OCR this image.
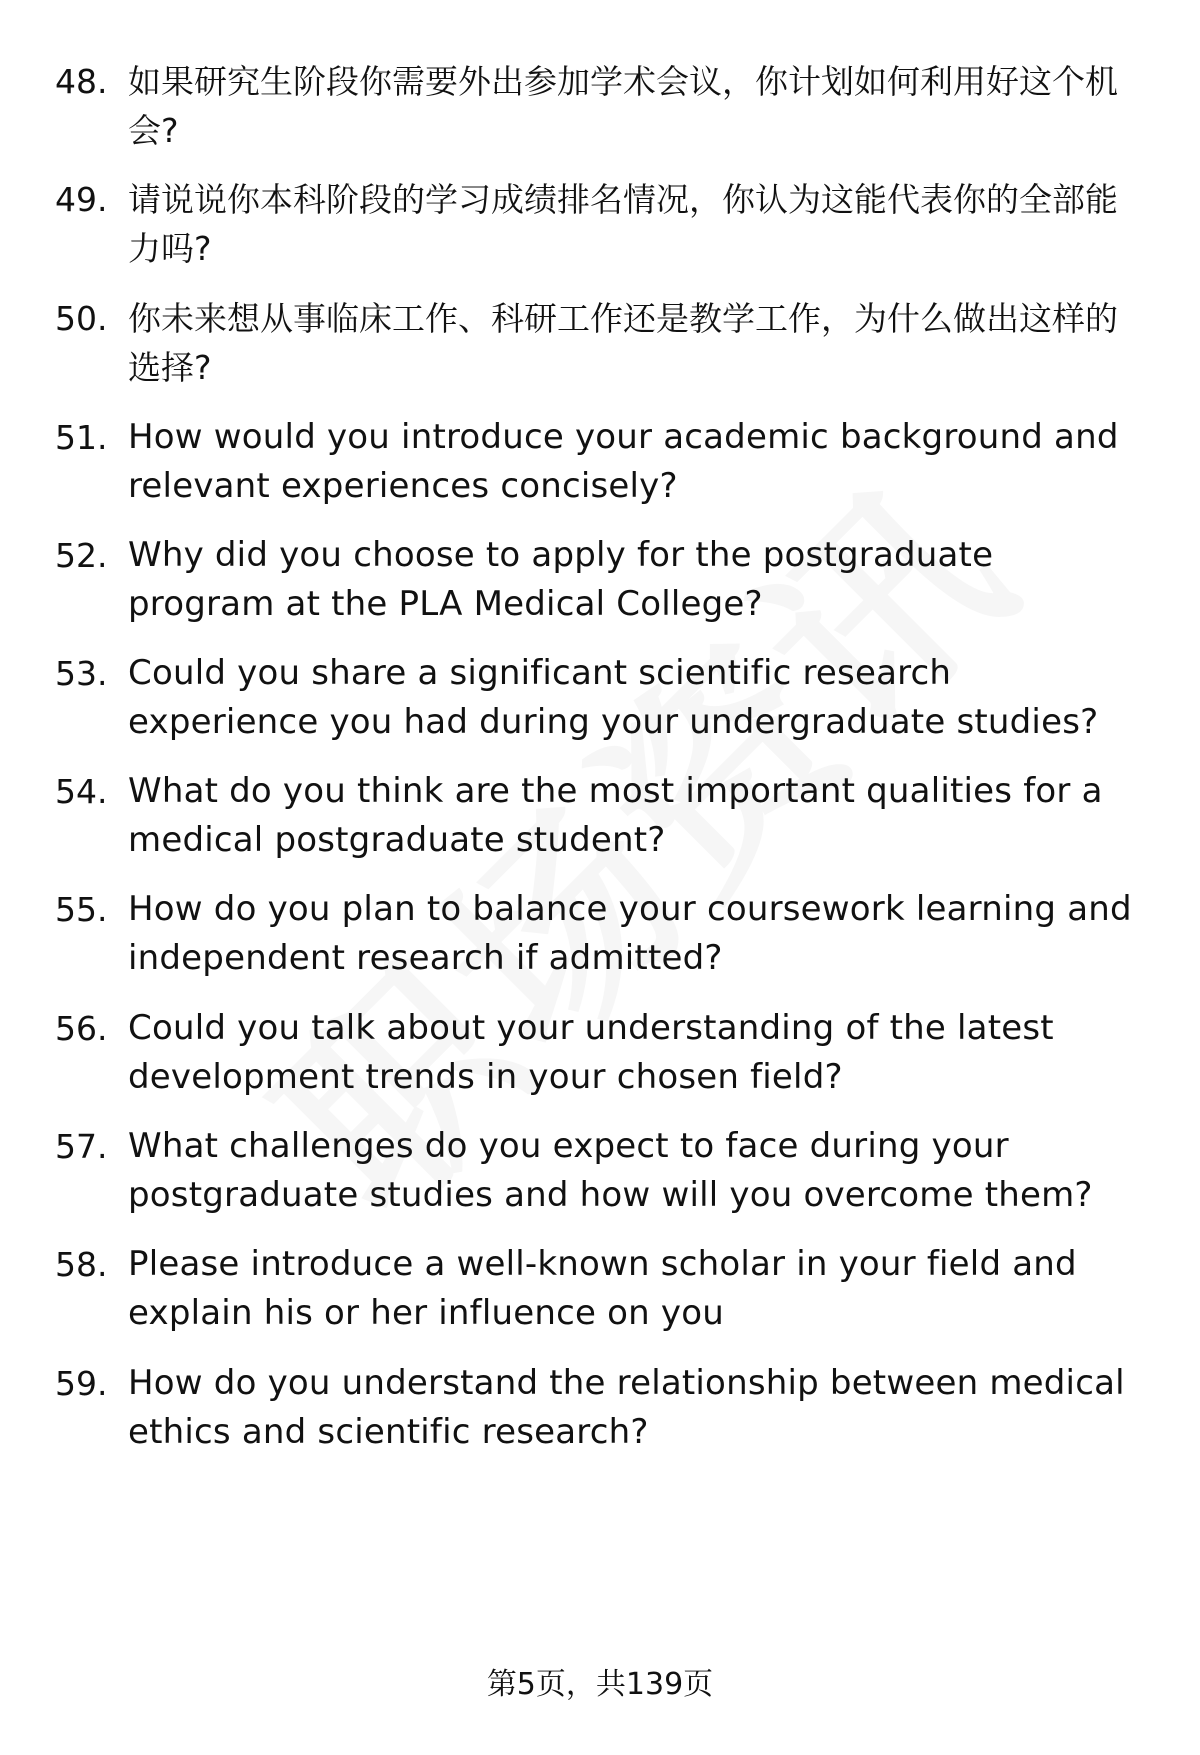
48. 如果研究生阶段你需要外出参加学术会议，你计划如何利用好这个机会?
49. 请说说你本科阶段的学习成绩排名情况，你认为这能代表你的全部能力吗?
50. 你未来想从事临床工作、科研工作还是教学工作，为什么做出这样的选择?
51. How would you introduce your academic background and relevant experiences concisely?
52. Why did you choose to apply for the postgraduate program at the PLA Medical College?
53. Could you share a significant scientific research experience you had during your undergraduate studies?
54. What do you think are the most important qualities for a medical postgraduate student?
55. How do you plan to balance your coursework learning and independent research if admitted?
56. Could you talk about your understanding of the latest development trends in your chosen field?
57. What challenges do you expect to face during your postgraduate studies and how will you overcome them?
58. Please introduce a well-known scholar in your field and explain his or her influence on you
59. How do you understand the relationship between medical ethics and scientific research?
第5页，共139页
